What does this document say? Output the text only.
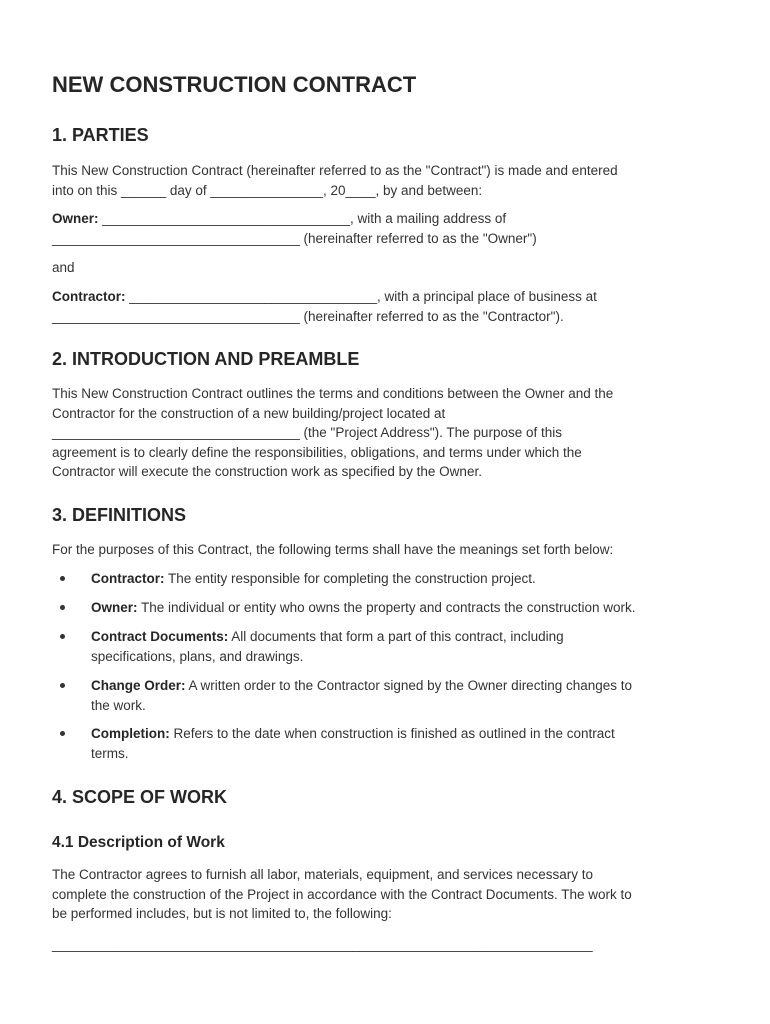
NEW CONSTRUCTION CONTRACT
1. PARTIES

This New Construction Contract (hereinafter referred to as the "Contract") is made and entered
into on this ______ day of _______________, 20____, by and between:

Owner: _________________________________, with a mailing address of
_________________________________ (hereinafter referred to as the "Owner")

and

Contractor: _________________________________, with a principal place of business at
_________________________________ (hereinafter referred to as the "Contractor").

2. INTRODUCTION AND PREAMBLE

This New Construction Contract outlines the terms and conditions between the Owner and the
Contractor for the construction of a new building/project located at
_________________________________ (the "Project Address"). The purpose of this
agreement is to clearly define the responsibilities, obligations, and terms under which the
Contractor will execute the construction work as specified by the Owner.

3. DEFINITIONS

For the purposes of this Contract, the following terms shall have the meanings set forth below:

Contractor: The entity responsible for completing the construction project.
Owner: The individual or entity who owns the property and contracts the construction work.
Contract Documents: All documents that form a part of this contract, including
specifications, plans, and drawings.
Change Order: A written order to the Contractor signed by the Owner directing changes to
the work.
Completion: Refers to the date when construction is finished as outlined in the contract
terms.
4. SCOPE OF WORK
4.1 Description of Work

The Contractor agrees to furnish all labor, materials, equipment, and services necessary to
complete the construction of the Project in accordance with the Contract Documents. The work to
be performed includes, but is not limited to, the following:

________________________________________________________________________
